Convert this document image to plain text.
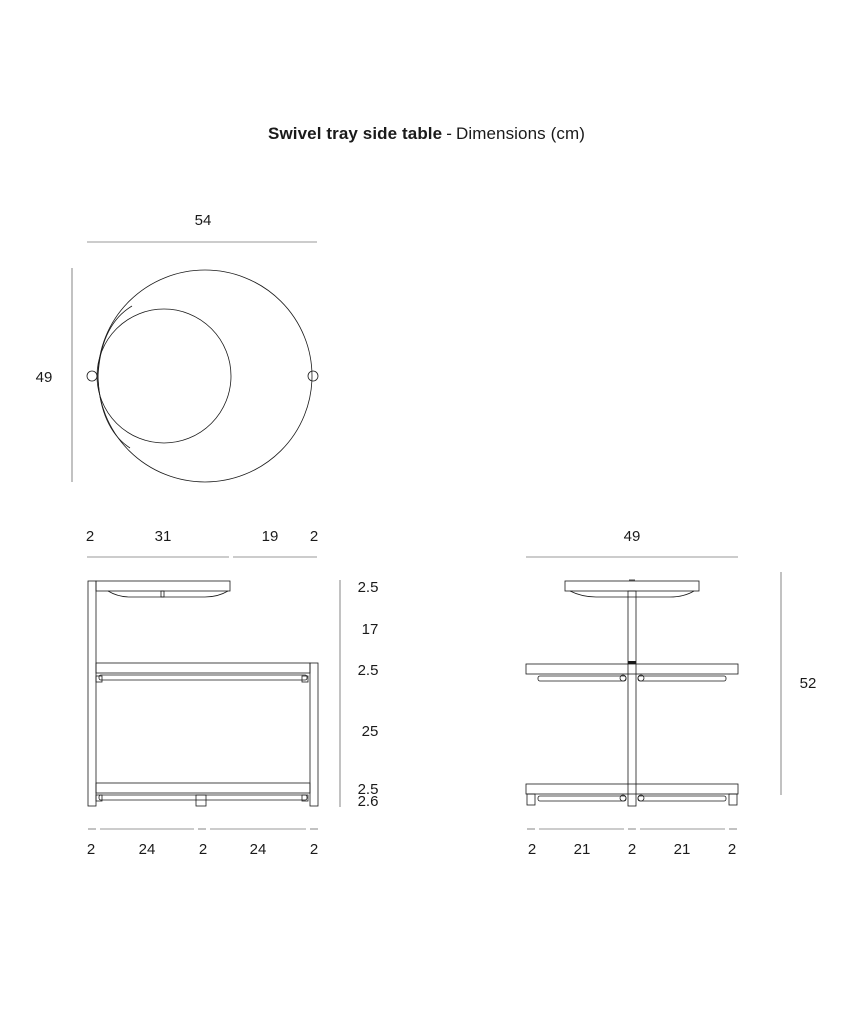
Swivel tray side table - Dimensions (cm)
54
49
2	31	19 2
2.5
17
2.5
25
2.5
2.6
2	24	2	24	2
49
52
2 21 2 21 2
